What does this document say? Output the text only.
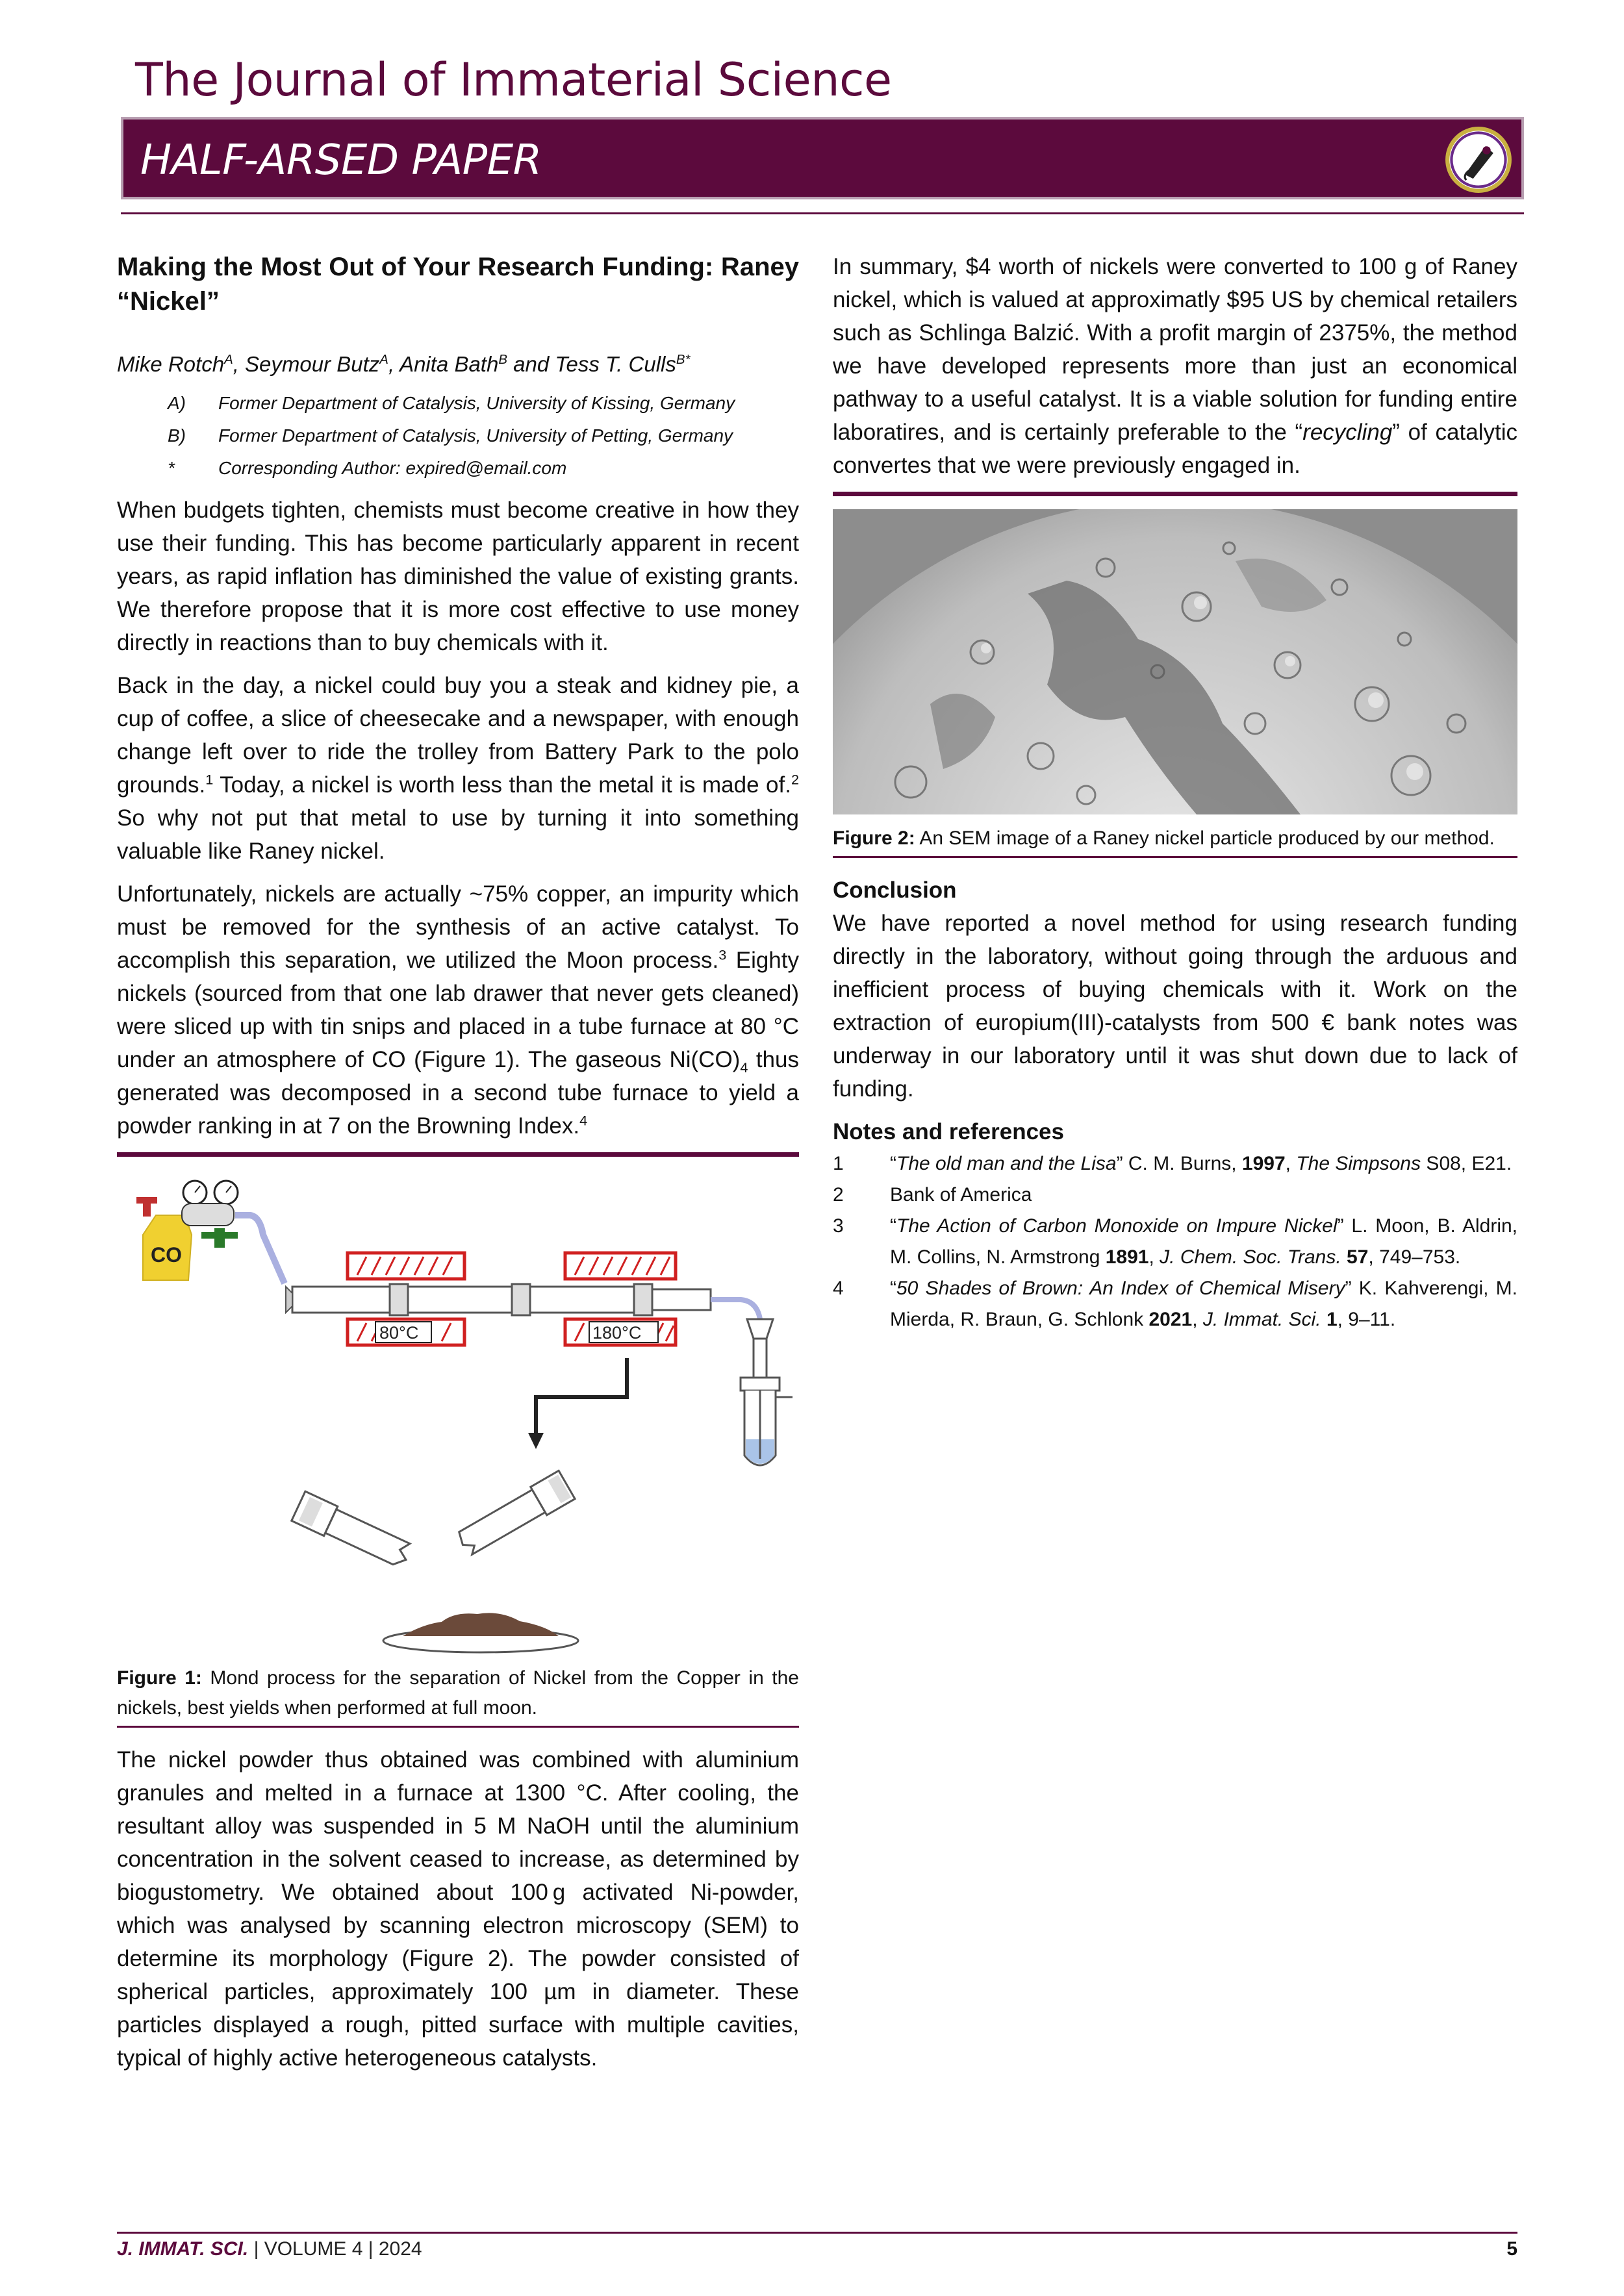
The Journal of Immaterial Science
HALF-ARSED PAPER
Making the Most Out of Your Research Funding: Raney “Nickel”
Mike Rotch$^A$, Seymour Butz$^A$, Anita Bath$^B$ and Tess T. Culls$^{B*}$
A)	Former Department of Catalysis, University of Kissing, Germany
B)	Former Department of Catalysis, University of Petting, Germany
*	Corresponding Author: expired@email.com

When budgets tighten, chemists must become creative in how they use their funding. This has become particularly apparent in recent years, as rapid inflation has diminished the value of existing grants. We therefore propose that it is more cost effective to use money directly in reactions than to buy chemicals with it.

Back in the day, a nickel could buy you a steak and kidney pie, a cup of coffee, a slice of cheesecake and a newspaper, with enough change left over to ride the trolley from Battery Park to the polo grounds.$^1$ Today, a nickel is worth less than the metal it is made of.$^2$ So why not put that metal to use by turning it into something valuable like Raney nickel.

Unfortunately, nickels are actually ~75% copper, an impurity which must be removed for the synthesis of an active catalyst. To accomplish this separation, we utilized the Moon process.$^3$ Eighty nickels (sourced from that one lab drawer that never gets cleaned) were sliced up with tin snips and placed in a tube furnace at 80 °C under an atmosphere of CO (Figure 1). The gaseous $Ni(CO)_4$ thus generated was decomposed in a second tube furnace to yield a powder ranking in at 7 on the Browning Index.$^4$

CO
80°C	180°C
Figure 1: Mond process for the separation of Nickel from the Copper in the nickels, best yields when performed at full moon.

The nickel powder thus obtained was combined with aluminium granules and melted in a furnace at 1300 °C. After cooling, the resultant alloy was suspended in 5 M NaOH until the aluminium concentration in the solvent ceased to increase, as determined by biogustometry. We obtained about 100 g activated Ni-powder, which was analysed by scanning electron microscopy (SEM) to determine its morphology (Figure 2). The powder consisted of spherical particles, approximately 100 µm in diameter. These particles displayed a rough, pitted surface with multiple cavities, typical of highly active heterogeneous catalysts.

In summary, $4 worth of nickels were converted to 100 g of Raney nickel, which is valued at approximatly $95 US by chemical retailers such as Schlinga Balzić. With a profit margin of 2375%, the method we have developed represents more than just an economical pathway to a useful catalyst. It is a viable solution for funding entire laboratires, and is certainly preferable to the “recycling” of catalytic convertes that we were previously engaged in.

Figure 2: An SEM image of a Raney nickel particle produced by our method.
Conclusion

We have reported a novel method for using research funding directly in the laboratory, without going through the arduous and inefficient process of buying chemicals with it. Work on the extraction of europium(III)-catalysts from 500 € bank notes was underway in our laboratory until it was shut down due to lack of funding.

Notes and references
1	“The old man and the Lisa” C. M. Burns, 1997, The Simpsons S08, E21.
2	Bank of America
3	“The Action of Carbon Monoxide on Impure Nickel” L. Moon, B. Aldrin, M. Collins, N. Armstrong 1891, J. Chem. Soc. Trans. 57, 749–753.
4	“50 Shades of Brown: An Index of Chemical Misery” K. Kahverengi, M. Mierda, R. Braun, G. Schlonk 2021, J. Immat. Sci. 1, 9–11.
J. IMMAT. SCI. | VOLUME 4 | 2024	5
